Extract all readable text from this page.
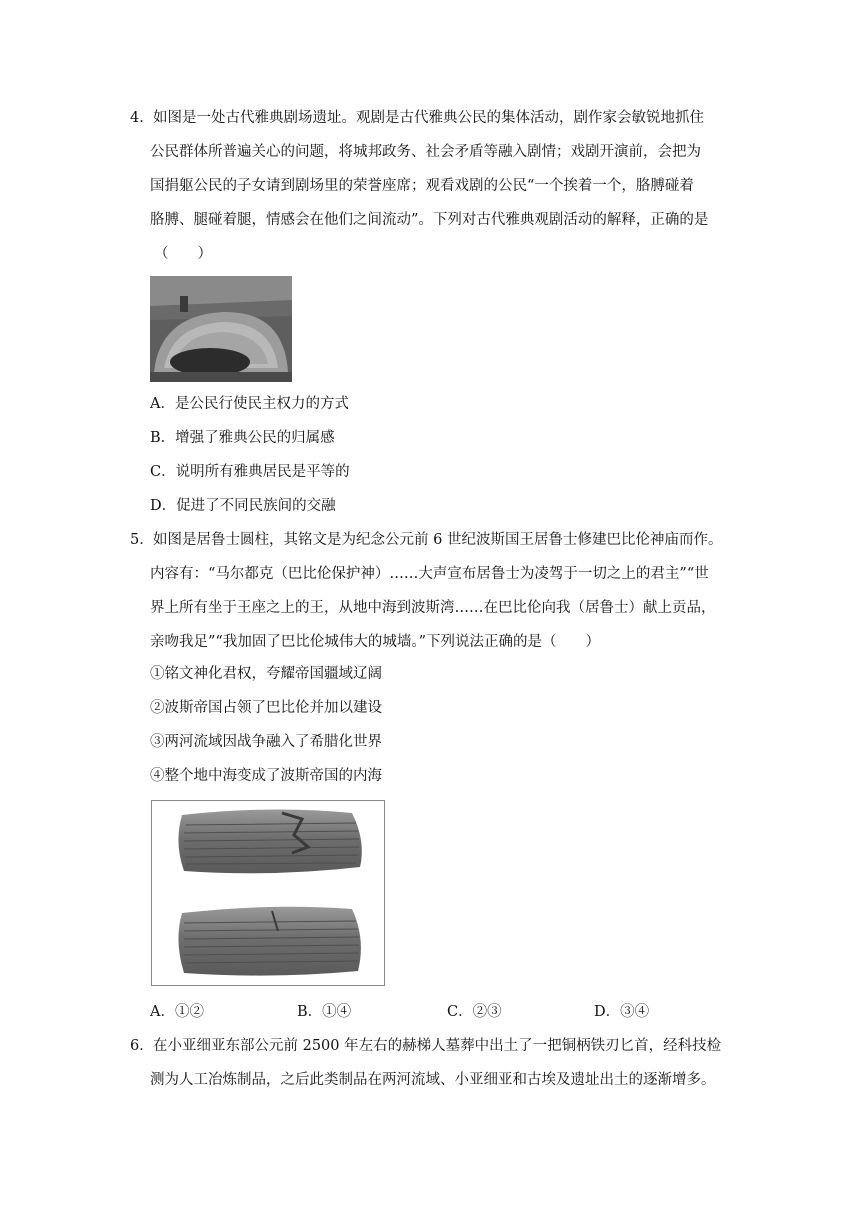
4． 如图是一处古代雅典剧场遗址。观剧是古代雅典公民的集体活动，剧作家会敏锐地抓住
公民群体所普遍关心的问题，将城邦政务、社会矛盾等融入剧情；戏剧开演前，会把为
国捐躯公民的子女请到剧场里的荣誉座席；观看戏剧的公民“一个挨着一个，胳膊碰着
胳膊、腿碰着腿，情感会在他们之间流动”。下列对古代雅典观剧活动的解释，正确的是
（　　）
A．是公民行使民主权力的方式
B．增强了雅典公民的归属感
C．说明所有雅典居民是平等的
D．促进了不同民族间的交融
5． 如图是居鲁士圆柱，其铭文是为纪念公元前 6 世纪波斯国王居鲁士修建巴比伦神庙而作。
内容有：“马尔都克（巴比伦保护神）……大声宣布居鲁士为凌驾于一切之上的君主”“世
界上所有坐于王座之上的王，从地中海到波斯湾……在巴比伦向我（居鲁士）献上贡品，
亲吻我足”“我加固了巴比伦城伟大的城墙。”下列说法正确的是（　　）
①铭文神化君权，夸耀帝国疆域辽阔
②波斯帝国占领了巴比伦并加以建设
③两河流域因战争融入了希腊化世界
④整个地中海变成了波斯帝国的内海
A．①②	B．①④	C．②③	D．③④
6． 在小亚细亚东部公元前 2500 年左右的赫梯人墓葬中出土了一把铜柄铁刃匕首，经科技检
测为人工冶炼制品，之后此类制品在两河流域、小亚细亚和古埃及遗址出土的逐渐增多。
